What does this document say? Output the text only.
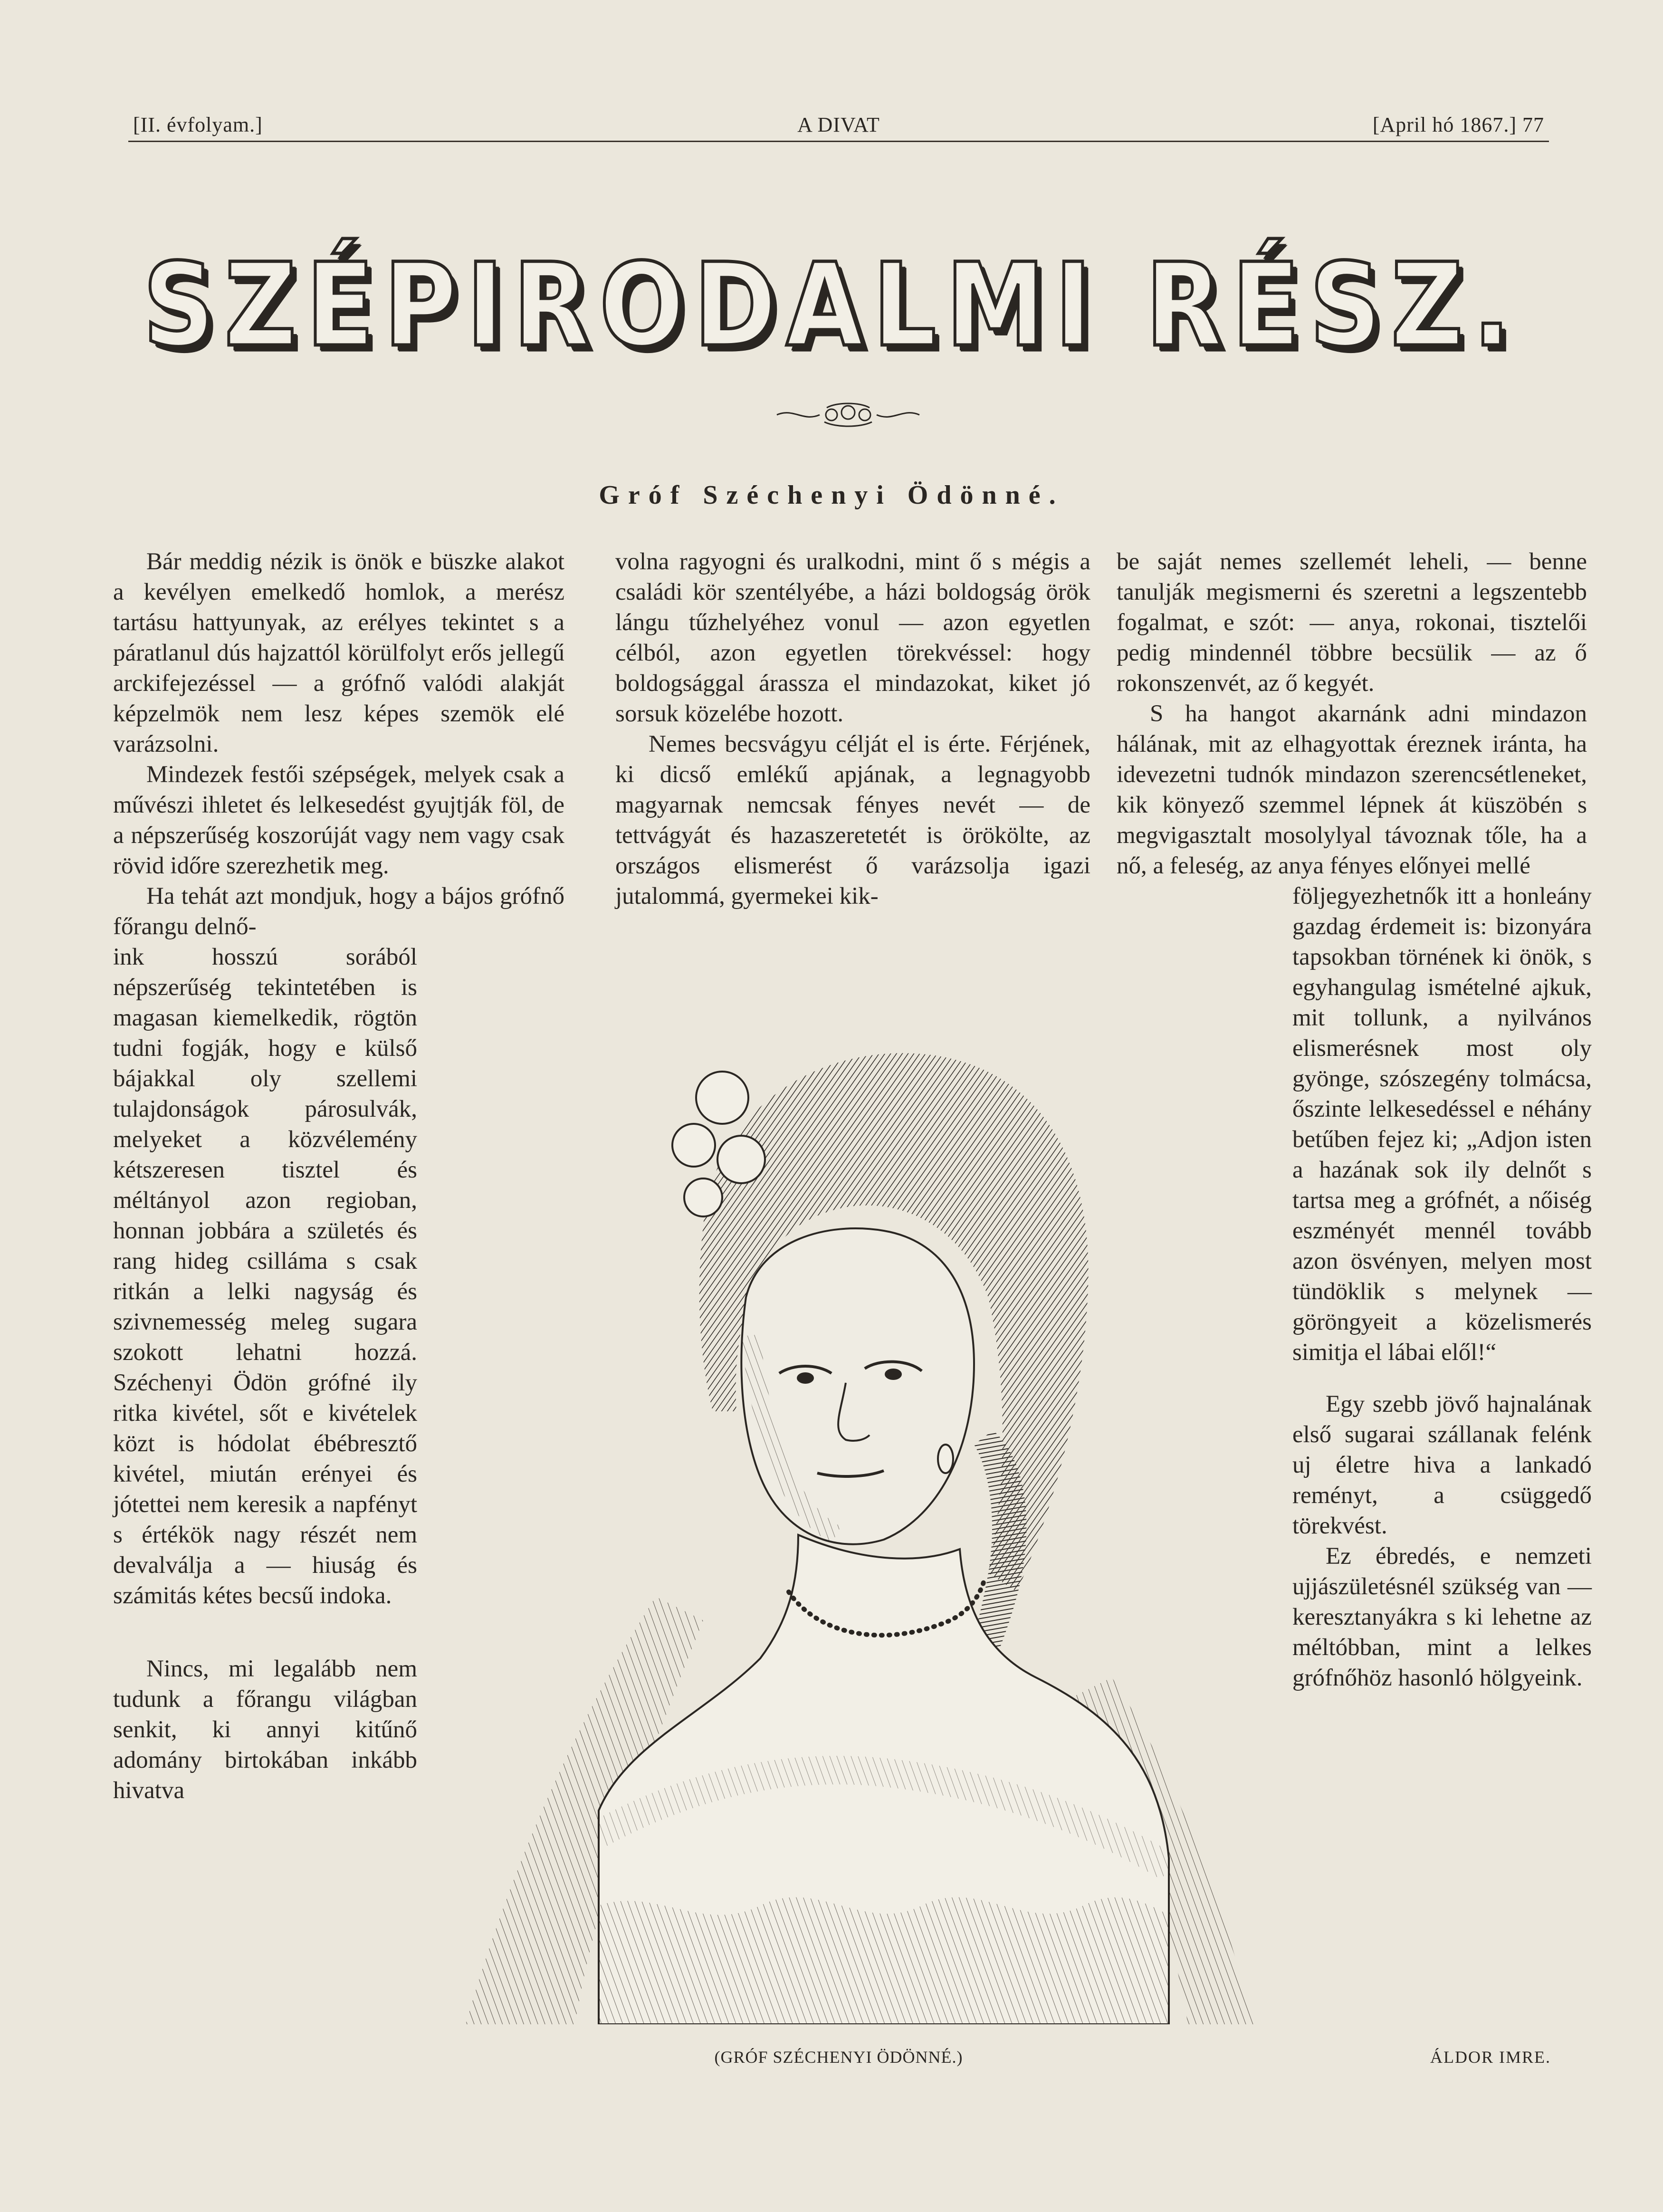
[II. évfolyam.]	A DIVAT	[April hó 1867.] 77
SZÉPIRODALMI RÉSZ.
Gróf Széchenyi Ödönné.

Bár meddig nézik is önök e büszke alakot a kevélyen emelkedő homlok, a merész tartásu hattyunyak, az erélyes tekintet s a páratlanul dús hajzattól körülfolyt erős jellegű arckifejezéssel — a grófnő valódi alakját képzelmök nem lesz képes szemök elé varázsolni.

Mindezek festői szépségek, melyek csak a művészi ihletet és lelkesedést gyujtják föl, de a népszerűség koszorúját vagy nem vagy csak rövid időre szerezhetik meg.

Ha tehát azt mondjuk, hogy a bájos grófnő főrangu delnő-

ink hosszú sorából népszerűség tekintetében is magasan kiemelkedik, rögtön tudni fogják, hogy e külső bájakkal oly szellemi tulajdonságok párosulvák, melyeket a közvélemény kétszeresen tisztel és méltányol azon regioban, honnan jobbára a születés és rang hideg csillámа s csak ritkán a lelki nagyság és szivnemesség meleg sugara szokott lehatni hozzá. Széchenyi Ödön grófné ily ritka kivétel, sőt e kivételek közt is hódolat ébébresztő kivétel, miután erényei és jótettei nem keresik a napfényt s értékök nagy részét nem devalválja a — hiuság és számitás kétes becsű indoka.

Nincs, mi legalább nem tudunk a főrangu világban senkit, ki annyi kitűnő adomány birtokában inkább hivatva

volna ragyogni és uralkodni, mint ő s mégis a családi kör szentélyébe, a házi boldogság örök lángu tűzhelyéhez vonul — azon egyetlen célból, azon egyetlen törekvéssel: hogy boldogsággal árassza el mindazokat, kiket jó sorsuk közelébe hozott.

Nemes becsvágyu célját el is érte. Férjének, ki dicső emlékű apjának, a legnagyobb magyarnak nemcsak fényes nevét — de tettvágyát és hazaszeretetét is örökölte, az országos elismerést ő varázsolja igazi jutalommá, gyermekei kik-

be saját nemes szellemét leheli, — benne tanulják megismerni és szeretni a legszentebb fogalmat, e szót: — anya, rokonai, tisztelői pedig mindennél többre becsülik — az ő rokonszenvét, az ő kegyét.

S ha hangot akarnánk adni mindazon hálának, mit az elhagyottak éreznek iránta, ha idevezetni tudnók mindazon szerencsétleneket, kik könyező szemmel lépnek át küszöbén s megvigasztalt mosolylyal távoznak tőle, ha a nő, a feleség, az anya fényes előnyei mellé

följegyezhetnők itt a honleány gazdag érdemeit is: bizonyára tapsokban törnének ki önök, s egyhangulag ismételné ajkuk, mit tollunk, a nyilvános elismerésnek most oly gyönge, szószegény tolmácsa, őszinte lelkesedéssel e néhány betűben fejez ki; „Adjon isten a hazának sok ily delnőt s tartsa meg a grófnét, a nőiség eszményét mennél tovább azon ösvényen, melyen most tündöklik s melynek — göröngyeit a közelismerés simitja el lábai elől!“

Egy szebb jövő hajnalának első sugarai szállanak felénk uj életre hiva a lankadó reményt, a csüggedő törekvést.

Ez ébredés, e nemzeti ujjászületésnél szükség van — keresztanyákra s ki lehetne az méltóbban, mint a lelkes grófnőhöz hasonló hölgyeink.

(GRÓF SZÉCHENYI ÖDÖNNÉ.)	ÁLDOR IMRE.
